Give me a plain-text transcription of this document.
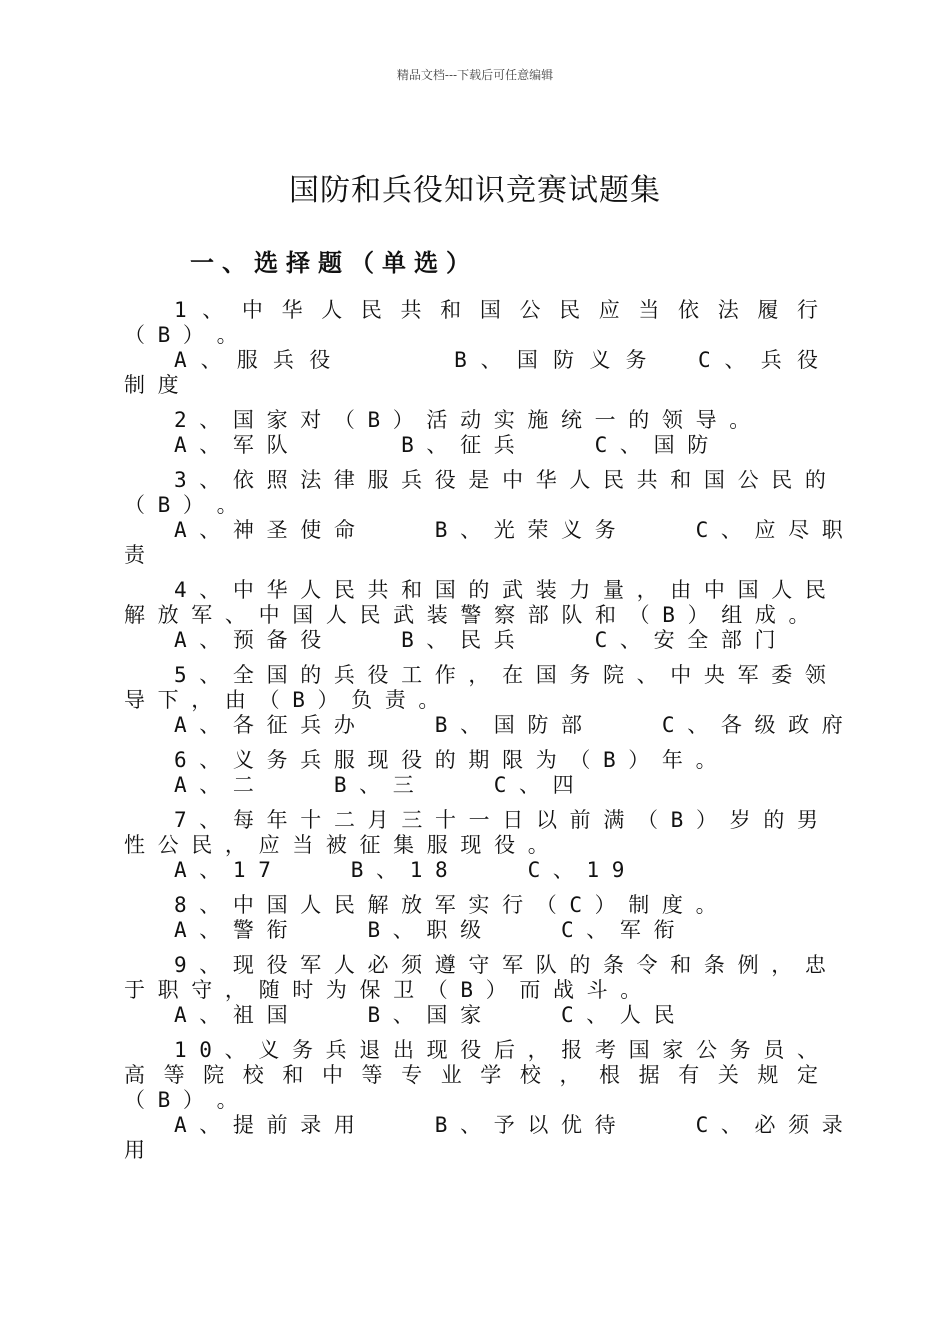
精品文档---下载后可任意编辑
国防和兵役知识竞赛试题集
一、选择题（单选）
1 、 中 华 人 民 共 和 国 公 民 应 当 依 法 履 行
（ B ） 。
A 、 服 兵 役 　 　 　 B 、 国 防 义 务 　 C 、 兵 役
制 度
2 、 国 家 对 （ B ） 活 动 实 施 统 一 的 领 导 。
A 、 军 队 　 　 　 B 、 征 兵 　 　 C 、 国 防
3 、 依 照 法 律 服 兵 役 是 中 华 人 民 共 和 国 公 民 的
（ B ） 。
A 、 神 圣 使 命 　 　 B 、 光 荣 义 务 　 　 C 、 应 尽 职
责
4 、 中 华 人 民 共 和 国 的 武 装 力 量 ， 由 中 国 人 民
解 放 军 、 中 国 人 民 武 装 警 察 部 队 和 （ B ） 组 成 。
A 、 预 备 役 　 　 B 、 民 兵 　 　 C 、 安 全 部 门
5 、 全 国 的 兵 役 工 作 ， 在 国 务 院 、 中 央 军 委 领
导 下 ， 由 （ B ） 负 责 。
A 、 各 征 兵 办 　 　 B 、 国 防 部 　 　 C 、 各 级 政 府
6 、 义 务 兵 服 现 役 的 期 限 为 （ B ） 年 。
A 、 二 　 　 B 、 三 　 　 C 、 四
7 、 每 年 十 二 月 三 十 一 日 以 前 满 （ B ） 岁 的 男
性 公 民 ， 应 当 被 征 集 服 现 役 。
A 、 1 7 　 　 B 、 1 8 　 　 C 、 1 9
8 、 中 国 人 民 解 放 军 实 行 （ C ） 制 度 。
A 、 警 衔 　 　 B 、 职 级 　 　 C 、 军 衔
9 、 现 役 军 人 必 须 遵 守 军 队 的 条 令 和 条 例 ， 忠
于 职 守 ， 随 时 为 保 卫 （ B ） 而 战 斗 。
A 、 祖 国 　 　 B 、 国 家 　 　 C 、 人 民
1 0 、 义 务 兵 退 出 现 役 后 ， 报 考 国 家 公 务 员 、
高 等 院 校 和 中 等 专 业 学 校 ， 根 据 有 关 规 定
（ B ） 。
A 、 提 前 录 用 　 　 B 、 予 以 优 待 　 　 C 、 必 须 录
用
